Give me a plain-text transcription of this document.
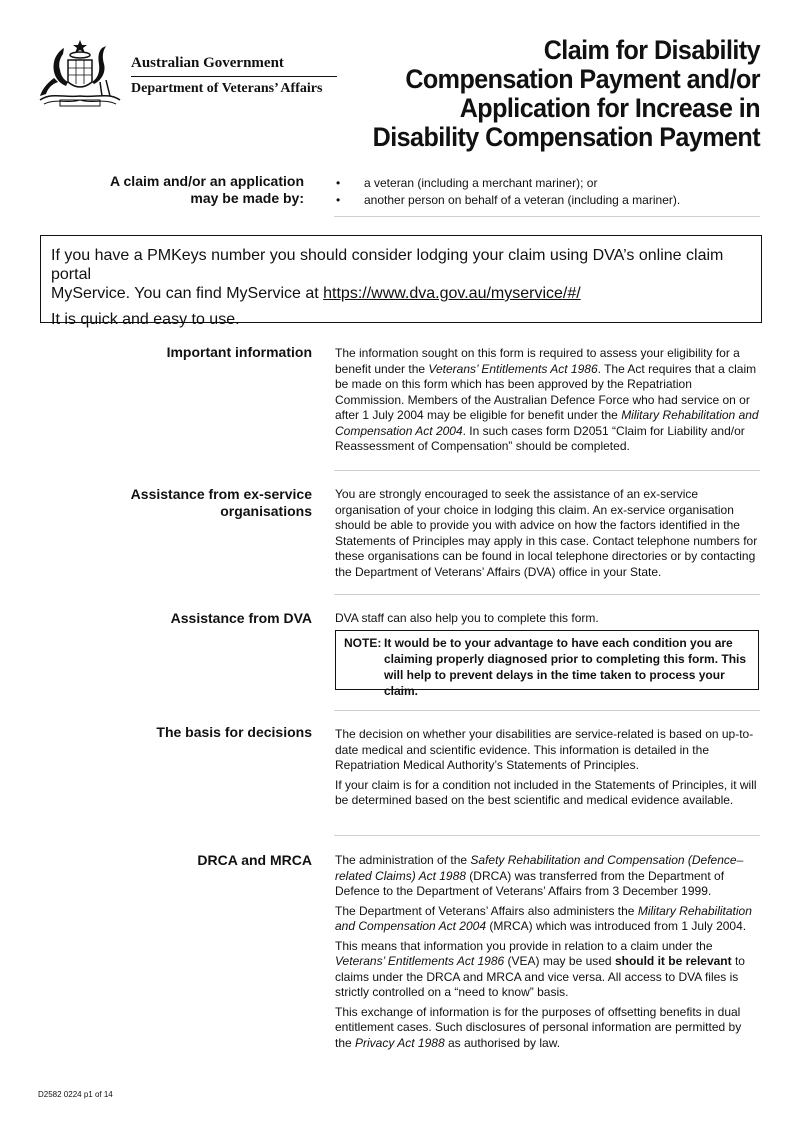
Australian Government
Department of Veterans’ Affairs
Claim for Disability
Compensation Payment and/or
Application for Increase in
Disability Compensation Payment
A claim and/or an application
may be made by:
• a veteran (including a merchant mariner); or
• another person on behalf of a veteran (including a mariner).

If you have a PMKeys number you should consider lodging your claim using DVA’s online claim portal

MyService. You can find MyService at https://www.dva.gov.au/myservice/#/

It is quick and easy to use.

Important information The information sought on this form is required to assess your eligibility for a benefit under the Veterans’ Entitlements Act 1986. The Act requires that a claim be made on this form which has been approved by the Repatriation Commission. Members of the Australian Defence Force who had service on or after 1 July 2004 may be eligible for benefit under the Military Rehabilitation and Compensation Act 2004. In such cases form D2051 “Claim for Liability and/or Reassessment of Compensation” should be completed.

Assistance from ex-service
organisations

You are strongly encouraged to seek the assistance of an ex-service organisation of your choice in lodging this claim. An ex-service organisation should be able to provide you with advice on how the factors identified in the Statements of Principles may apply in this case. Contact telephone numbers for these organisations can be found in local telephone directories or by contacting the Department of Veterans’ Affairs (DVA) office in your State.

Assistance from DVA DVA staff can also help you to complete this form.

NOTE: It would be to your advantage to have each condition you are
claiming properly diagnosed prior to completing this form. This
will help to prevent delays in the time taken to process your claim.
The basis for decisions The decision on whether your disabilities are service-related is based on up-to-date medical and scientific evidence. This information is detailed in the Repatriation Medical Authority’s Statements of Principles.

If your claim is for a condition not included in the Statements of Principles, it will be determined based on the best scientific and medical evidence available.

DRCA and MRCA The administration of the Safety Rehabilitation and Compensation (Defence–related Claims) Act 1988 (DRCA) was transferred from the Department of Defence to the Department of Veterans’ Affairs from 3 December 1999.

The Department of Veterans’ Affairs also administers the Military Rehabilitation and Compensation Act 2004 (MRCA) which was introduced from 1 July 2004.

This means that information you provide in relation to a claim under the Veterans’ Entitlements Act 1986 (VEA) may be used should it be relevant to claims under the DRCA and MRCA and vice versa. All access to DVA files is strictly controlled on a “need to know” basis.

This exchange of information is for the purposes of offsetting benefits in dual entitlement cases. Such disclosures of personal information are permitted by the Privacy Act 1988 as authorised by law.

D2582 0224 p1 of 14
